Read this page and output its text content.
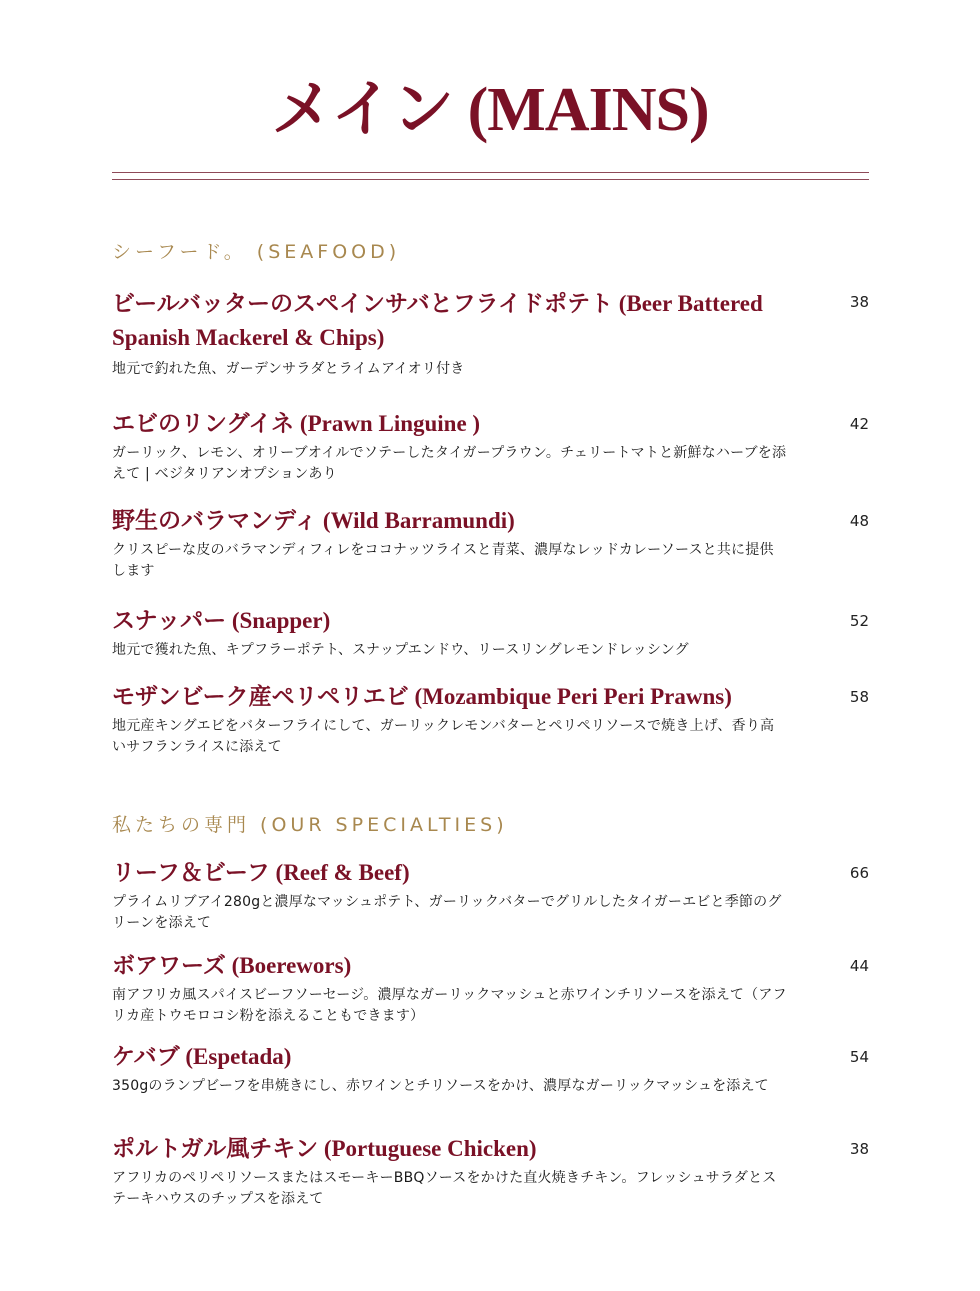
メイン (MAINS)
シーフード。 (SEAFOOD)

ビールバッターのスペインサバとフライドポテト (Beer Battered Spanish Mackerel & Chips)

地元で釣れた魚、ガーデンサラダとライムアイオリ付き

38

エビのリングイネ (Prawn Linguine )

ガーリック、レモン、オリーブオイルでソテーしたタイガープラウン。チェリートマトと新鮮なハーブを添えて | ベジタリアンオプションあり

42

野生のバラマンディ (Wild Barramundi)

クリスピーな皮のバラマンディフィレをココナッツライスと青菜、濃厚なレッドカレーソースと共に提供します

48

スナッパー (Snapper)

地元で獲れた魚、キプフラーポテト、スナップエンドウ、リースリングレモンドレッシング

52

モザンビーク産ペリペリエビ (Mozambique Peri Peri Prawns)

地元産キングエビをバターフライにして、ガーリックレモンバターとペリペリソースで焼き上げ、香り高いサフランライスに添えて

58
私たちの専門 (OUR SPECIALTIES)

リーフ＆ビーフ (Reef & Beef)

プライムリブアイ280gと濃厚なマッシュポテト、ガーリックバターでグリルしたタイガーエビと季節のグリーンを添えて

66

ボアワーズ (Boerewors)

南アフリカ風スパイスビーフソーセージ。濃厚なガーリックマッシュと赤ワインチリソースを添えて（アフリカ産トウモロコシ粉を添えることもできます）

44

ケバブ (Espetada)

350gのランプビーフを串焼きにし、赤ワインとチリソースをかけ、濃厚なガーリックマッシュを添えて

54

ポルトガル風チキン (Portuguese Chicken)

アフリカのペリペリソースまたはスモーキーBBQソースをかけた直火焼きチキン。フレッシュサラダとステーキハウスのチップスを添えて

38
